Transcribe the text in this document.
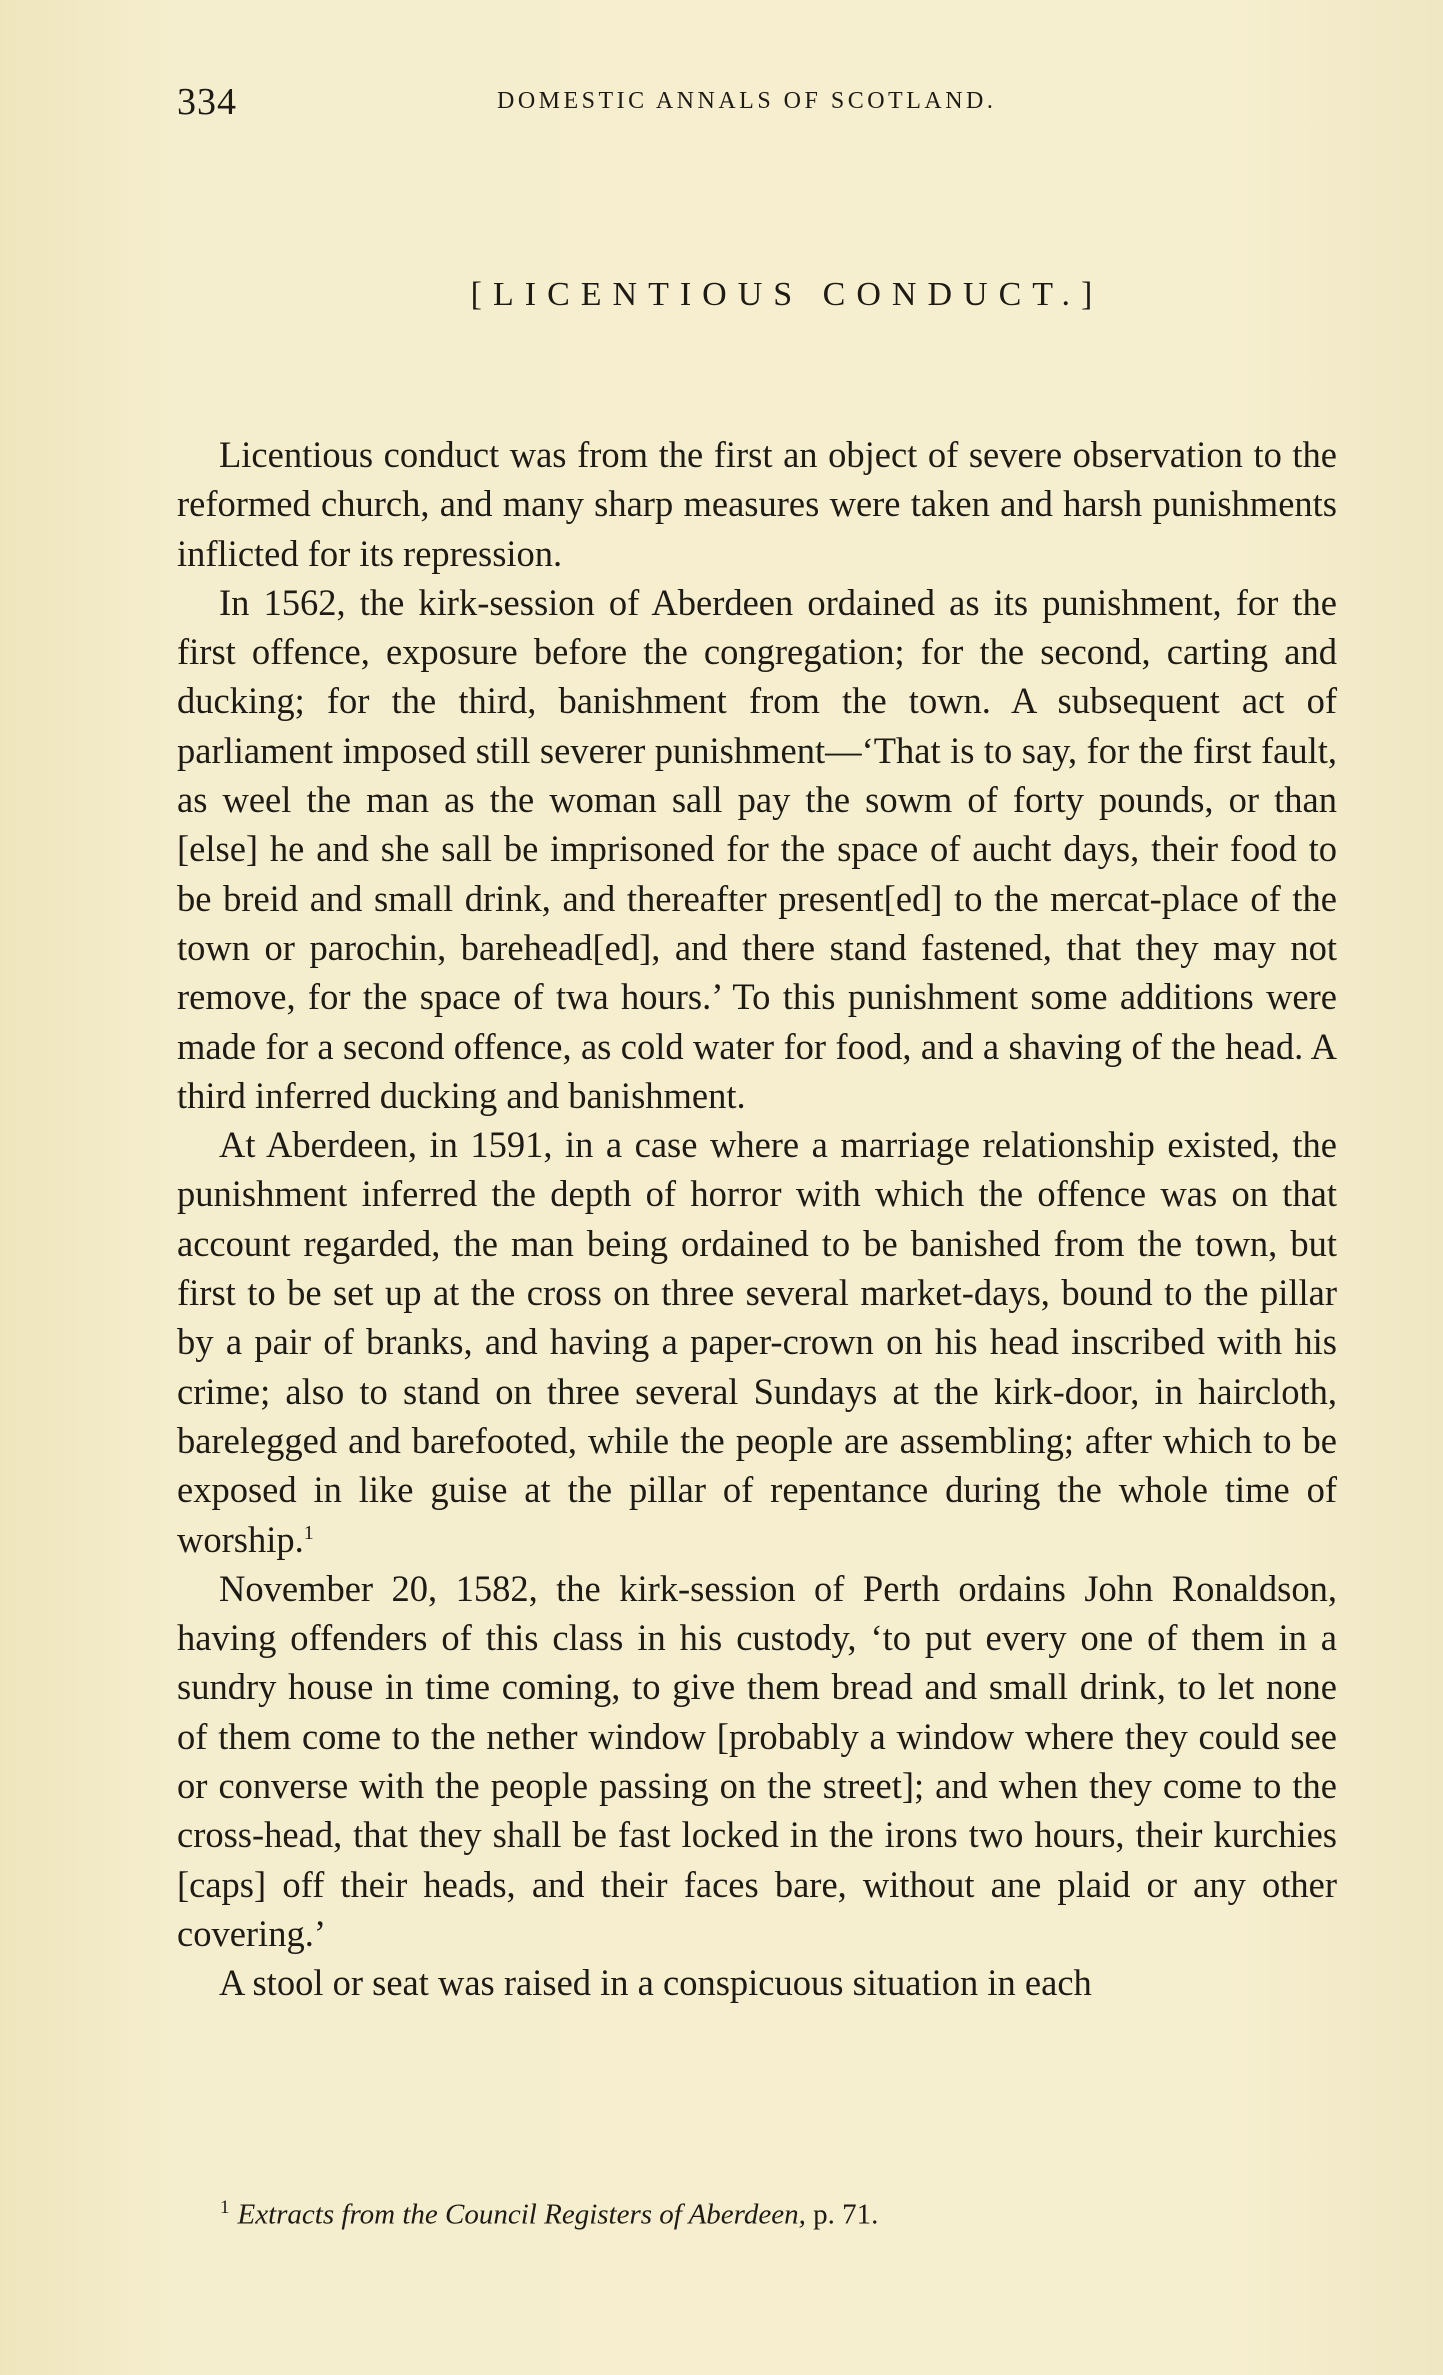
334	DOMESTIC ANNALS OF SCOTLAND.
[LICENTIOUS CONDUCT.]

Licentious conduct was from the first an object of severe observation to the reformed church, and many sharp measures were taken and harsh punishments inflicted for its repression.

In 1562, the kirk-session of Aberdeen ordained as its punishment, for the first offence, exposure before the congregation; for the second, carting and ducking; for the third, banishment from the town. A subsequent act of parliament imposed still severer punishment—‘That is to say, for the first fault, as weel the man as the woman sall pay the sowm of forty pounds, or than [else] he and she sall be imprisoned for the space of aucht days, their food to be breid and small drink, and thereafter present[ed] to the mercat-place of the town or parochin, barehead[ed], and there stand fastened, that they may not remove, for the space of twa hours.’ To this punishment some additions were made for a second offence, as cold water for food, and a shaving of the head. A third inferred ducking and banishment.

At Aberdeen, in 1591, in a case where a marriage relationship existed, the punishment inferred the depth of horror with which the offence was on that account regarded, the man being ordained to be banished from the town, but first to be set up at the cross on three several market-days, bound to the pillar by a pair of branks, and having a paper-crown on his head inscribed with his crime; also to stand on three several Sundays at the kirk-door, in haircloth, barelegged and barefooted, while the people are assembling; after which to be exposed in like guise at the pillar of repentance during the whole time of worship.$^1$

November 20, 1582, the kirk-session of Perth ordains John Ronaldson, having offenders of this class in his custody, ‘to put every one of them in a sundry house in time coming, to give them bread and small drink, to let none of them come to the nether window [probably a window where they could see or converse with the people passing on the street]; and when they come to the cross-head, that they shall be fast locked in the irons two hours, their kurchies [caps] off their heads, and their faces bare, without ane plaid or any other covering.’

A stool or seat was raised in a conspicuous situation in each

$^1$ Extracts from the Council Registers of Aberdeen, p. 71.
